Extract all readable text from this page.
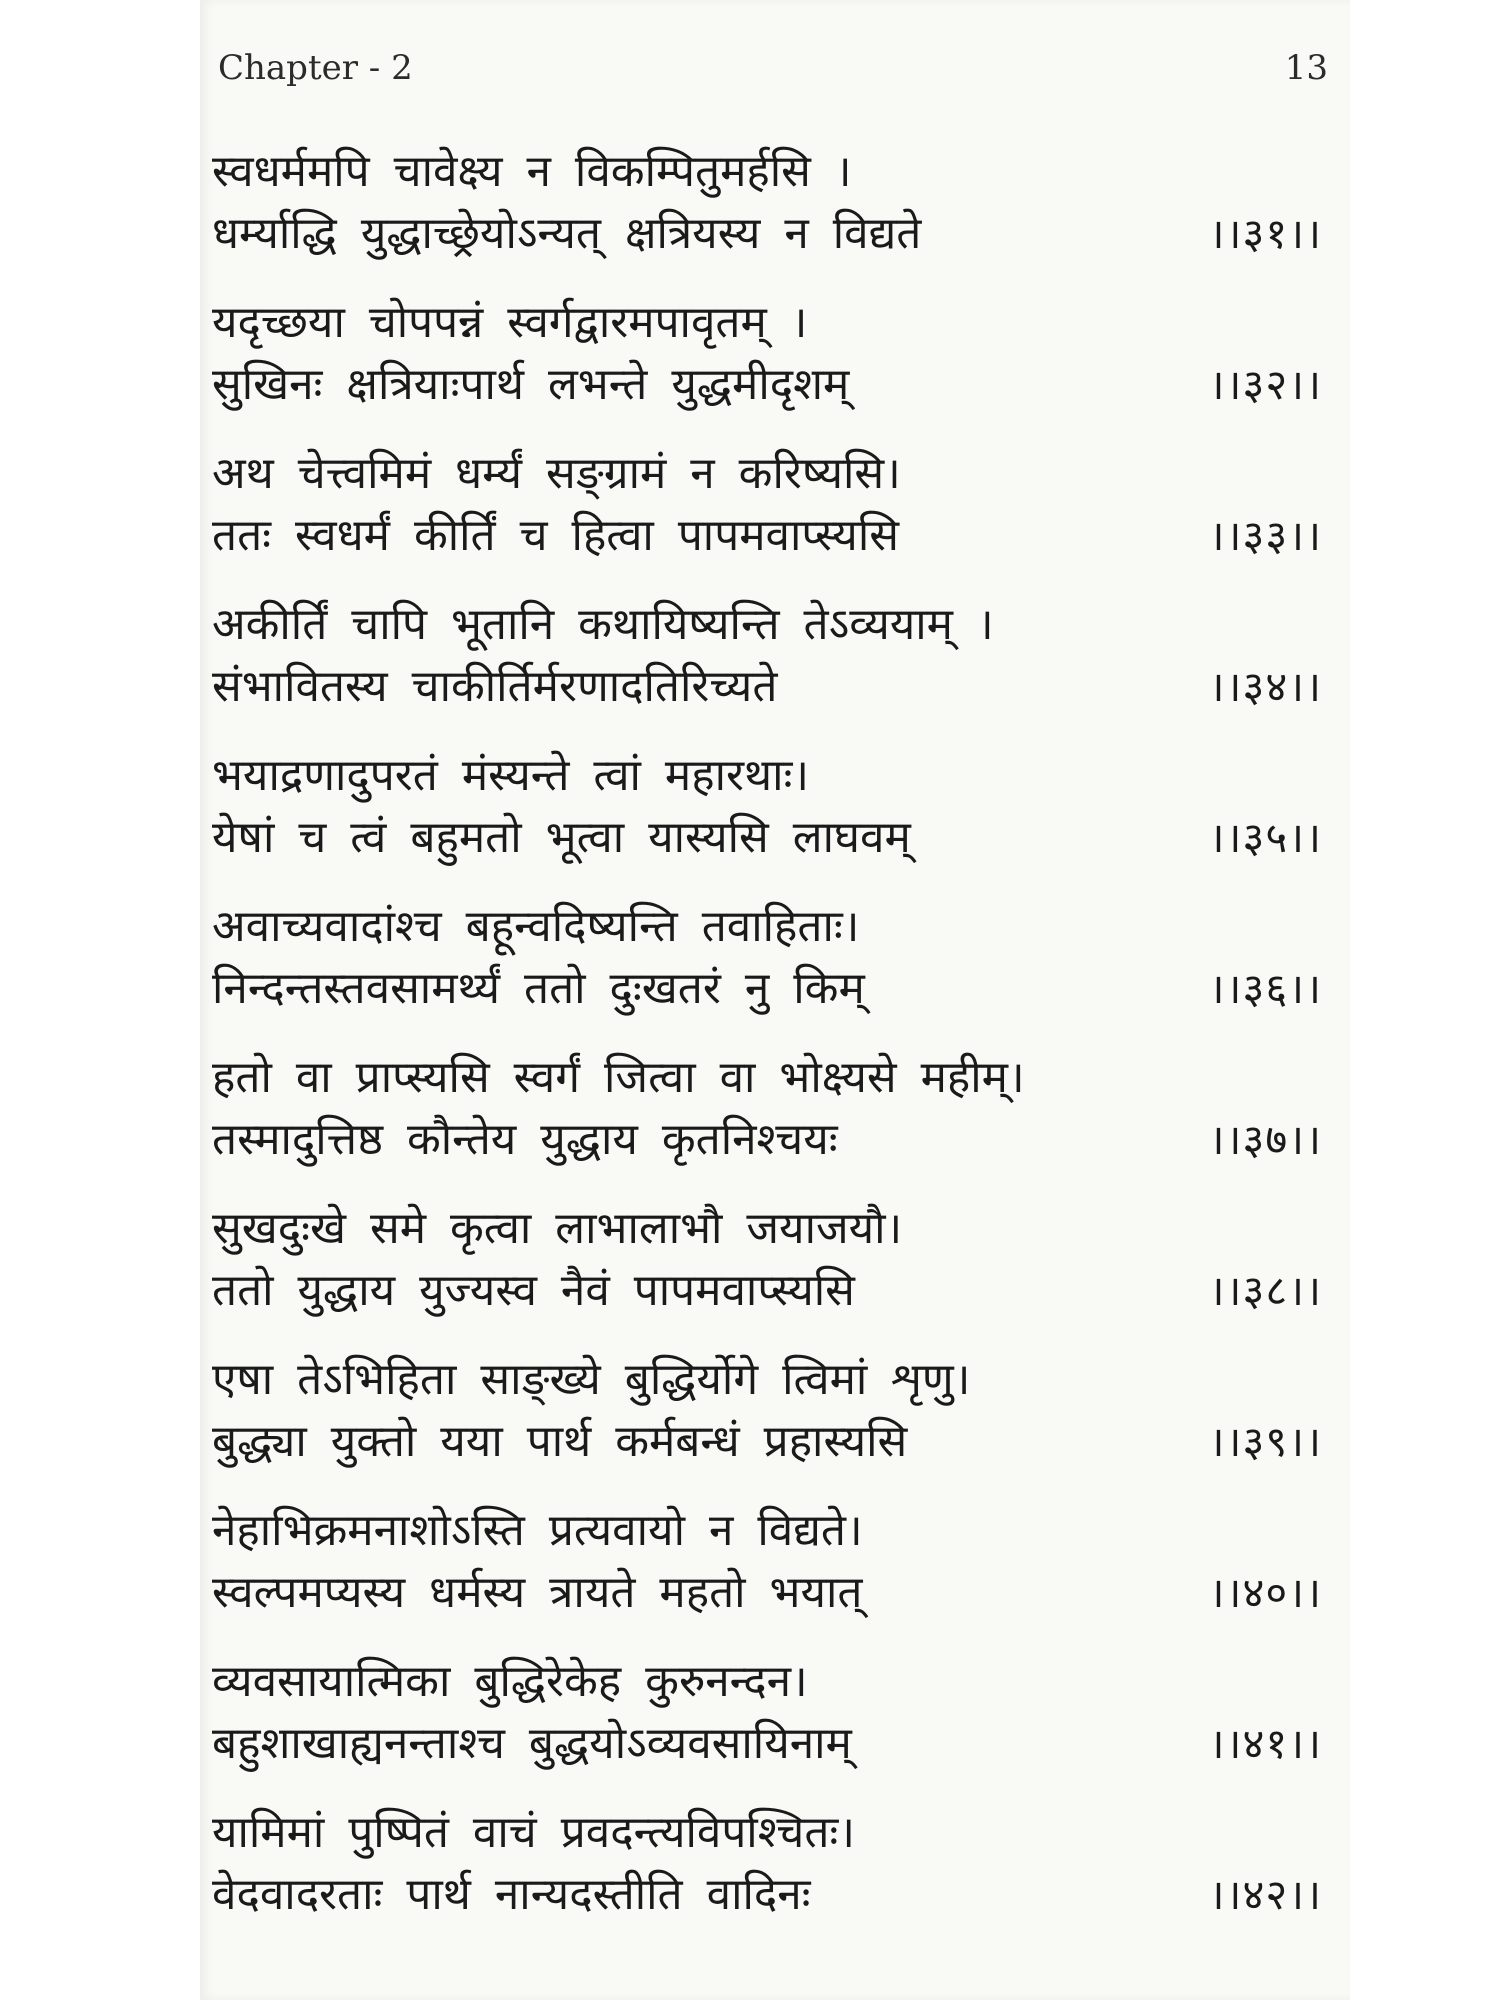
Chapter - 2	13
स्वधर्ममपि चावेक्ष्य न विकम्पितुमर्हसि ।
धर्म्याद्धि युद्धाच्छ्रेयोऽन्यत् क्षत्रियस्य न विद्यते	।।३१।।
यदृच्छया चोपपन्नं स्वर्गद्वारमपावृतम् ।
सुखिनः क्षत्रियाःपार्थ लभन्ते युद्धमीदृशम्	।।३२।।
अथ चेत्त्वमिमं धर्म्यं सङ्ग्रामं न करिष्यसि।
ततः स्वधर्मं कीर्तिं च हित्वा पापमवाप्स्यसि	।।३३।।
अकीर्तिं चापि भूतानि कथायिष्यन्ति तेऽव्ययाम् ।
संभावितस्य चाकीर्तिर्मरणादतिरिच्यते	।।३४।।
भयाद्रणादुपरतं मंस्यन्ते त्वां महारथाः।
येषां च त्वं बहुमतो भूत्वा यास्यसि लाघवम्	।।३५।।
अवाच्यवादांश्च बहून्वदिष्यन्ति तवाहिताः।
निन्दन्तस्तवसामर्थ्यं ततो दुःखतरं नु किम्	।।३६।।
हतो वा प्राप्स्यसि स्वर्गं जित्वा वा भोक्ष्यसे महीम्।
तस्मादुत्तिष्ठ कौन्तेय युद्धाय कृतनिश्चयः	।।३७।।
सुखदुःखे समे कृत्वा लाभालाभौ जयाजयौ।
ततो युद्धाय युज्यस्व नैवं पापमवाप्स्यसि	।।३८।।
एषा तेऽभिहिता साङ्ख्ये बुद्धिर्योगे त्विमां शृणु।
बुद्ध्या युक्तो यया पार्थ कर्मबन्धं प्रहास्यसि	।।३९।।
नेहाभिक्रमनाशोऽस्ति प्रत्यवायो न विद्यते।
स्वल्पमप्यस्य धर्मस्य त्रायते महतो भयात्	।।४०।।
व्यवसायात्मिका बुद्धिरेकेह कुरुनन्दन।
बहुशाखाह्यनन्ताश्च बुद्धयोऽव्यवसायिनाम्	।।४१।।
यामिमां पुष्पितं वाचं प्रवदन्त्यविपश्चितः।
वेदवादरताः पार्थ नान्यदस्तीति वादिनः	।।४२।।
